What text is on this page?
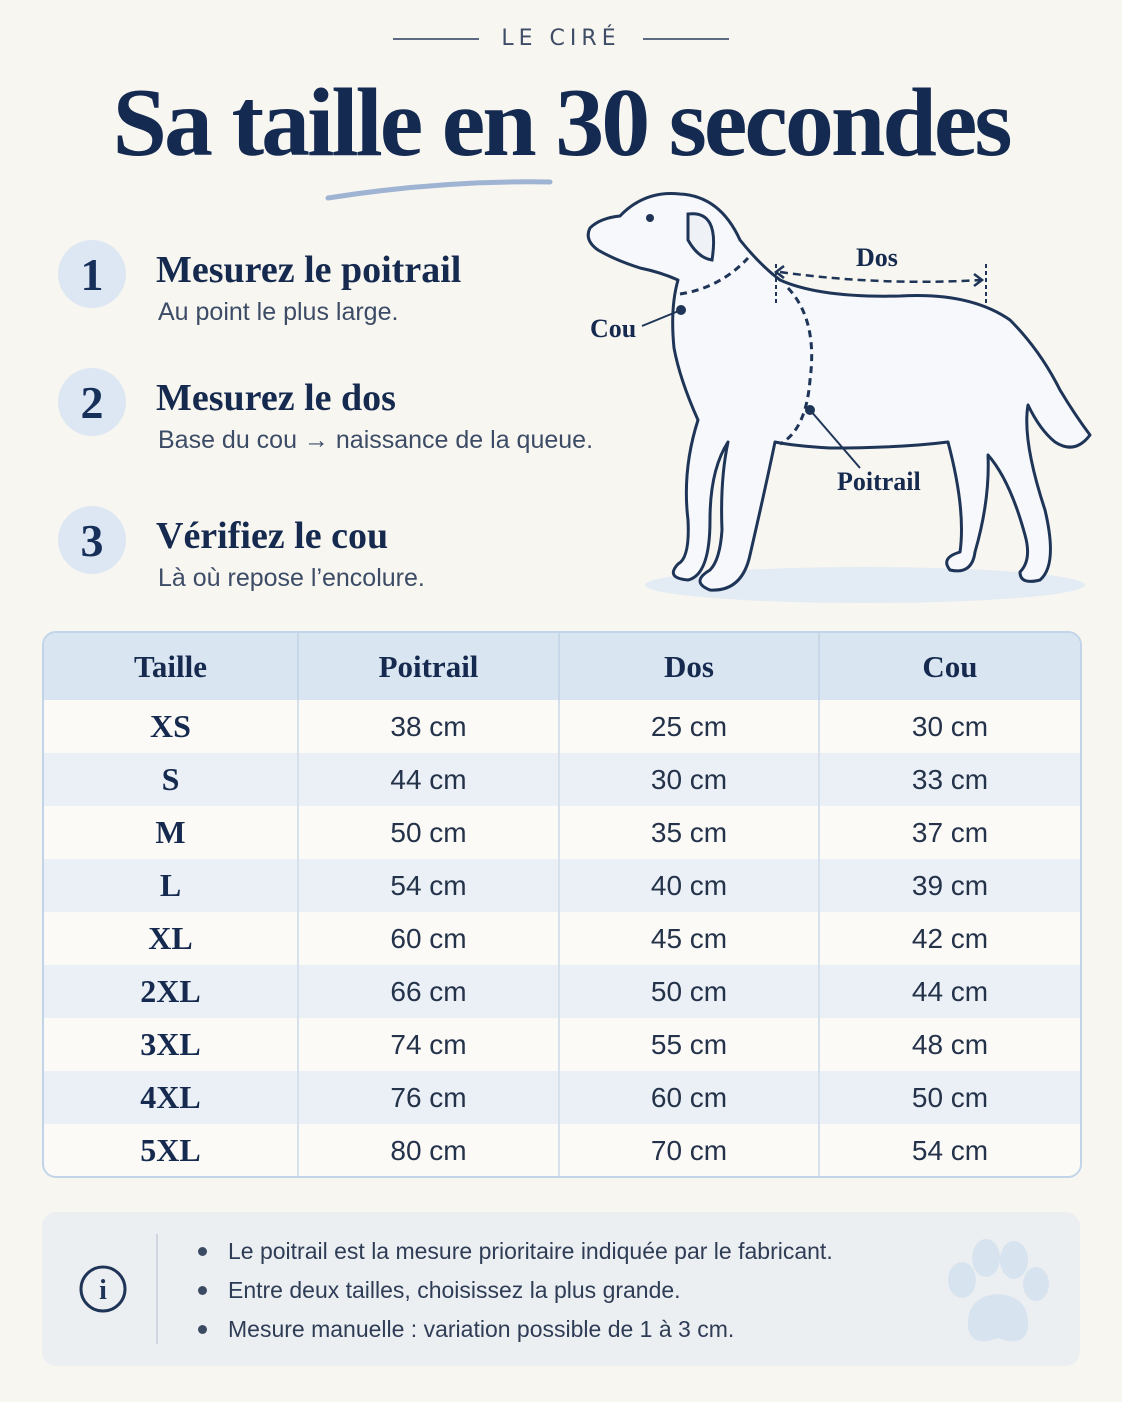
LE CIRÉ
Sa taille en 30 secondes
1	Mesurez le poitrail
Au point le plus large.
2	Mesurez le dos
Base du cou → naissance de la queue.
3	Vérifiez le cou
Là où repose l’encolure.
Cou
Poitrail
Dos
Taille	Poitrail	Dos	Cou
XS	38 cm	25 cm	30 cm
S	44 cm	30 cm	33 cm
M	50 cm	35 cm	37 cm
L	54 cm	40 cm	39 cm
XL	60 cm	45 cm	42 cm
2XL	66 cm	50 cm	44 cm
3XL	74 cm	55 cm	48 cm
4XL	76 cm	60 cm	50 cm
5XL	80 cm	70 cm	54 cm
i
Le poitrail est la mesure prioritaire indiquée par le fabricant.
Entre deux tailles, choisissez la plus grande.
Mesure manuelle : variation possible de 1 à 3 cm.
